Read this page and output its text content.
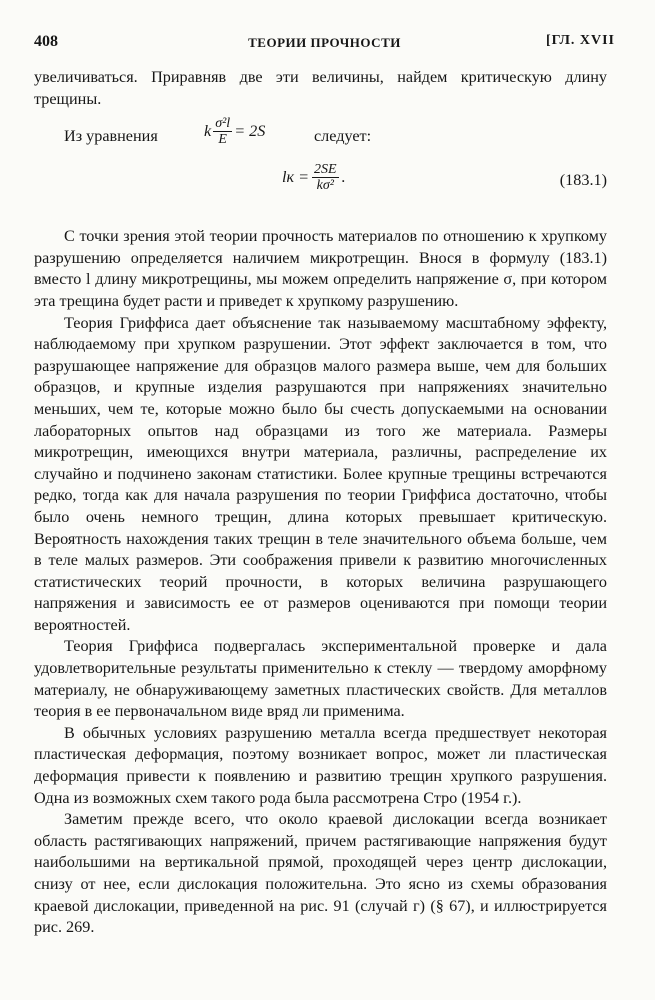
408	ТЕОРИИ ПРОЧНОСТИ	[ГЛ. XVII

увеличиваться. Приравняв две эти величины, найдем критическую длину трещины.

Из уравнения	k $\frac{\text{σ²l}}{E} = 2S$	следует:
lк = $\frac{2SE}{\text{kσ²}}$ .	(183.1)

С точки зрения этой теории прочность материалов по отношению к хрупкому разрушению определяется наличием микротрещин. Внося в формулу (183.1) вместо l длину микротрещины, мы можем определить напряжение σ, при котором эта трещина будет расти и приведет к хрупкому разрушению.

Теория Гриффиса дает объяснение так называемому масштабному эффекту, наблюдаемому при хрупком разрушении. Этот эффект заключается в том, что разрушающее напряжение для образцов малого размера выше, чем для больших образцов, и крупные изделия разрушаются при напряжениях значительно меньших, чем те, которые можно было бы счесть допускаемыми на основании лабораторных опытов над образцами из того же материала. Размеры микротрещин, имеющихся внутри материала, различны, распределение их случайно и подчинено законам статистики. Более крупные трещины встречаются редко, тогда как для начала разрушения по теории Гриффиса достаточно, чтобы было очень немного трещин, длина которых превышает критическую. Вероятность нахождения таких трещин в теле значительного объема больше, чем в теле малых размеров. Эти соображения привели к развитию многочисленных статистических теорий прочности, в которых величина разрушающего напряжения и зависимость ее от размеров оцениваются при помощи теории вероятностей.

Теория Гриффиса подвергалась экспериментальной проверке и дала удовлетворительные результаты применительно к стеклу — твердому аморфному материалу, не обнаруживающему заметных пластических свойств. Для металлов теория в ее первоначальном виде вряд ли применима.

В обычных условиях разрушению металла всегда предшествует некоторая пластическая деформация, поэтому возникает вопрос, может ли пластическая деформация привести к появлению и развитию трещин хрупкого разрушения. Одна из возможных схем такого рода была рассмотрена Стро (1954 г.).

Заметим прежде всего, что около краевой дислокации всегда возникает область растягивающих напряжений, причем растягивающие напряжения будут наибольшими на вертикальной прямой, проходящей через центр дислокации, снизу от нее, если дислокация положительна. Это ясно из схемы образования краевой дислокации, приведенной на рис. 91 (случай г) (§ 67), и иллюстрируется рис. 269.
